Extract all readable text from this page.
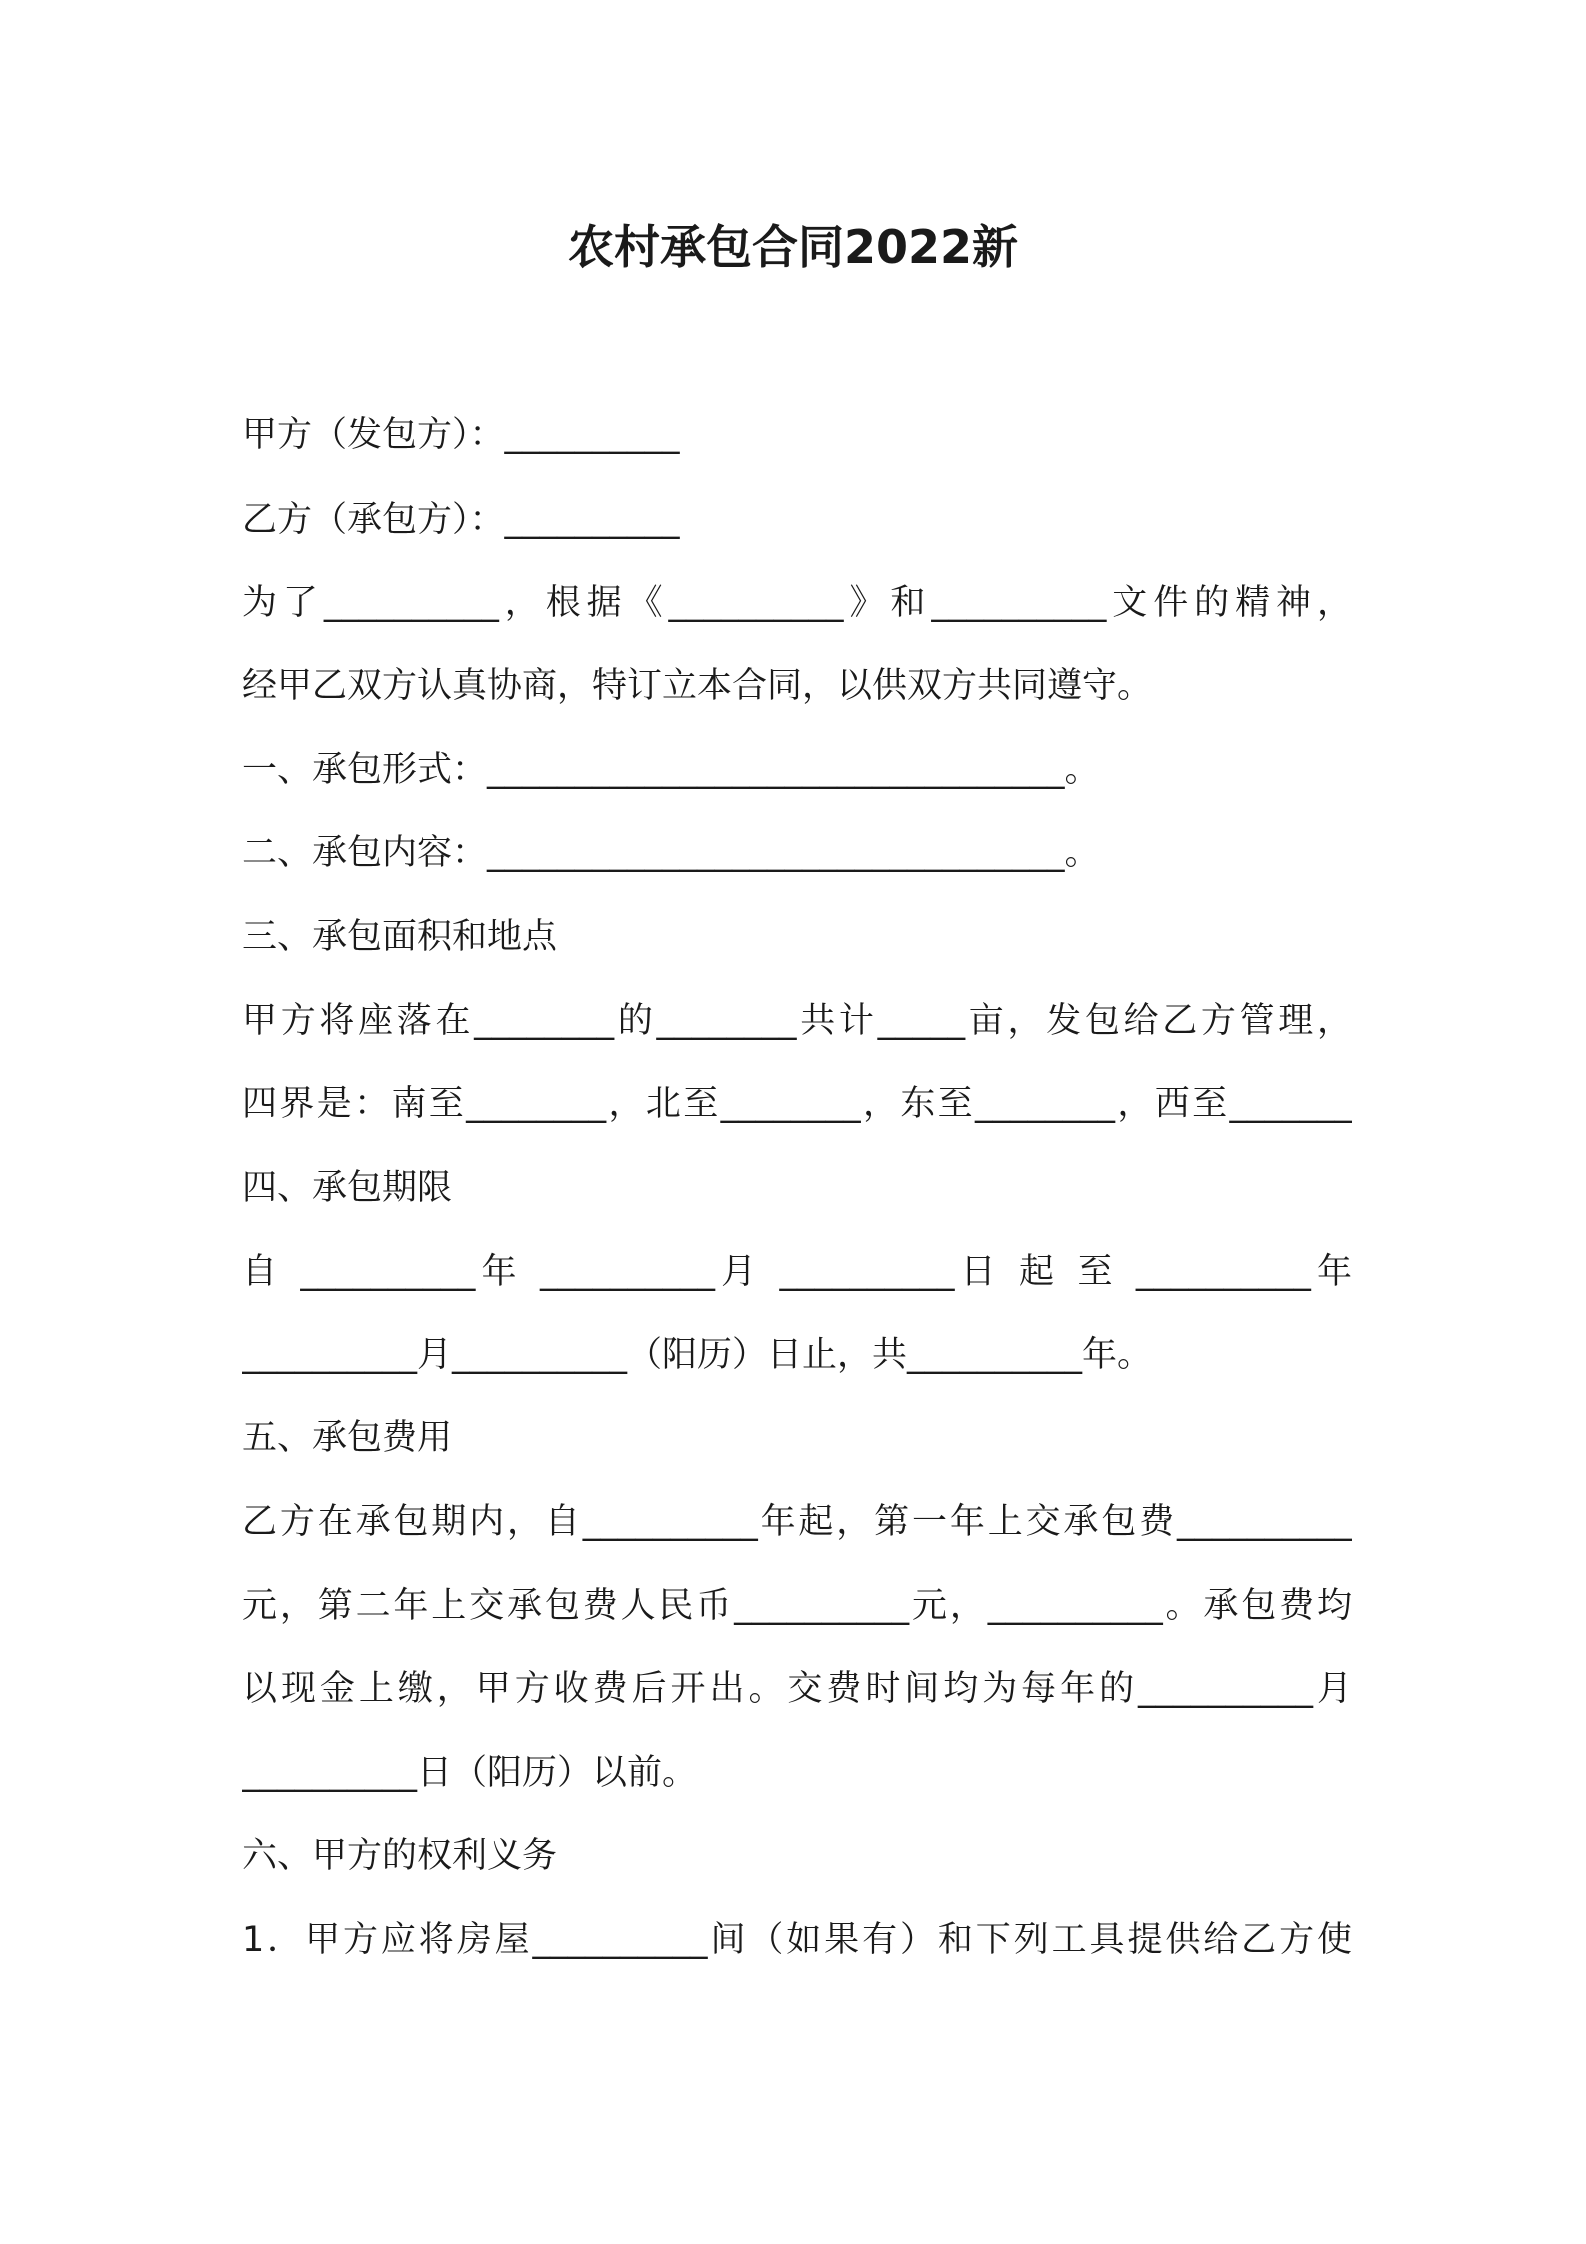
农村承包合同2022新
甲方（发包方）：__________
乙方（承包方）：__________
为了__________，根据《__________》和__________文件的精神，
经甲乙双方认真协商，特订立本合同，以供双方共同遵守。
一、承包形式：_________________________________。
二、承包内容：_________________________________。
三、承包面积和地点
甲方将座落在________的________共计_____亩，发包给乙方管理，
四界是：南至________，北至________，东至________，西至_______
四、承包期限
自 __________年 __________月 __________日 起 至 __________年
__________月__________（阳历）日止，共__________年。
五、承包费用
乙方在承包期内，自__________年起，第一年上交承包费__________
元，第二年上交承包费人民币__________元，__________。承包费均
以现金上缴，甲方收费后开出。交费时间均为每年的__________月
__________日（阳历）以前。
六、甲方的权利义务
1．甲方应将房屋__________间（如果有）和下列工具提供给乙方使
